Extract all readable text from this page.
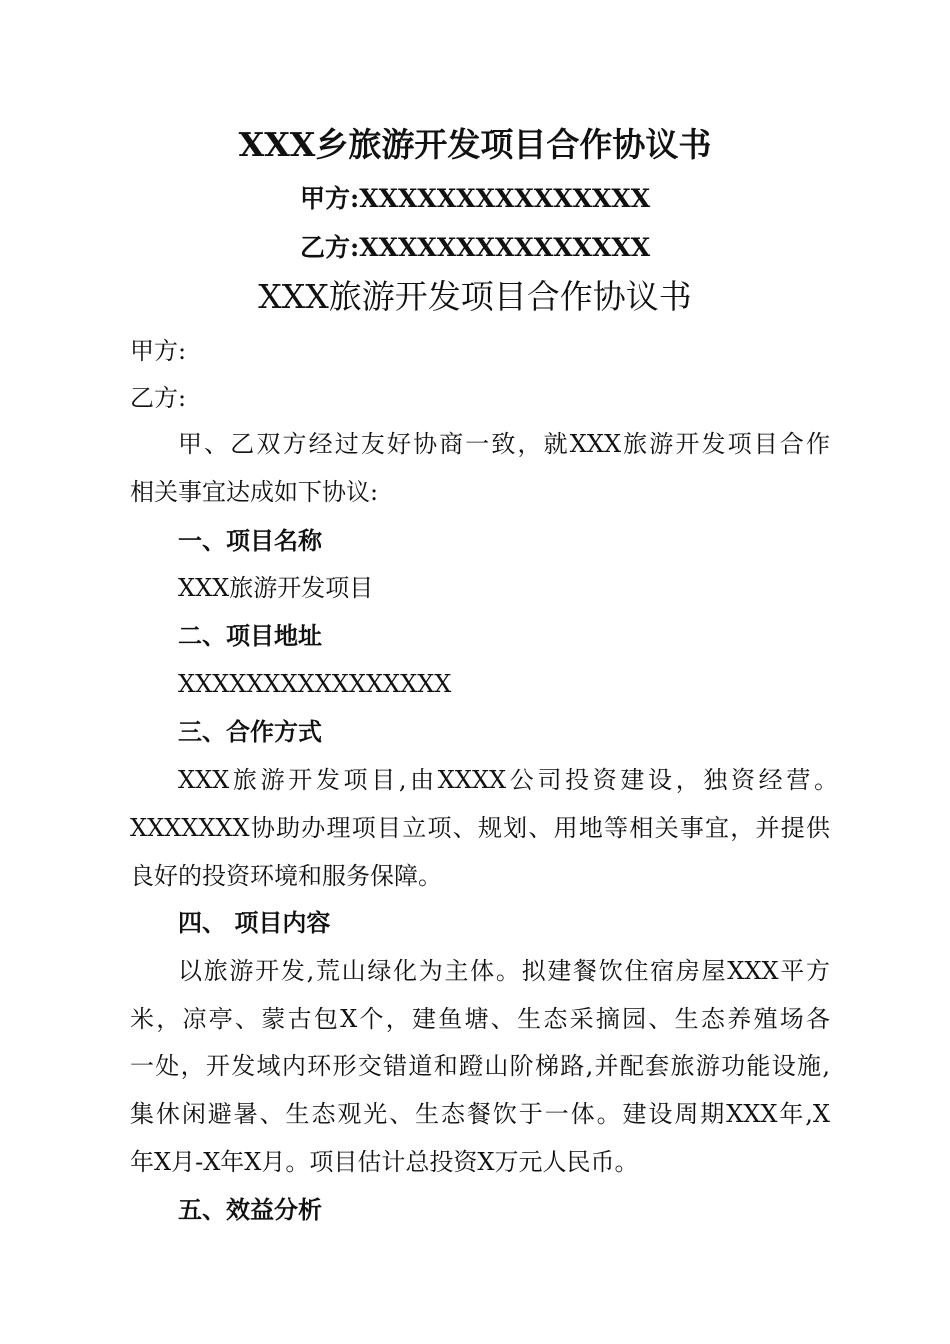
XXX乡旅游开发项目合作协议书
甲方:XXXXXXXXXXXXXXX
乙方:XXXXXXXXXXXXXXX
XXX旅游开发项目合作协议书
甲方:
乙方:
甲、乙双方经过友好协商一致，就XXX旅游开发项目合作
相关事宜达成如下协议:
一、项目名称
XXX旅游开发项目
二、项目地址
XXXXXXXXXXXXXXXX
三、合作方式
XXX旅游开发项目,由XXXX公司投资建设，独资经营。
XXXXXXX协助办理项目立项、规划、用地等相关事宜，并提供
良好的投资环境和服务保障。
四、 项目内容
以旅游开发,荒山绿化为主体。拟建餐饮住宿房屋XXX平方
米，凉亭、蒙古包X个，建鱼塘、生态采摘园、生态养殖场各
一处，开发域内环形交错道和蹬山阶梯路,并配套旅游功能设施,
集休闲避暑、生态观光、生态餐饮于一体。建设周期XXX年,X
年X月-X年X月。项目估计总投资X万元人民币。
五、效益分析
